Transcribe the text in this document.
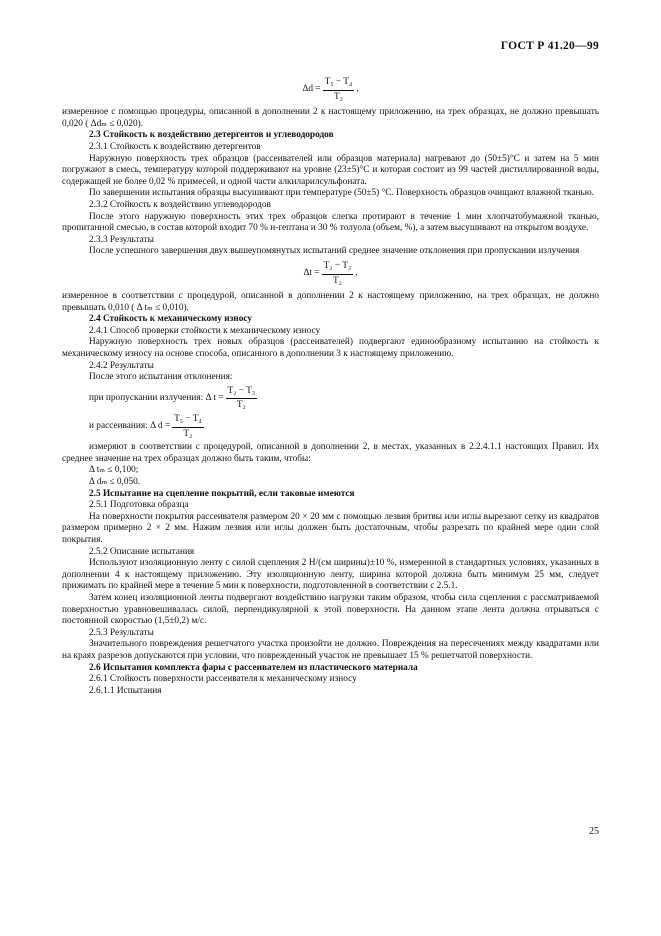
ГОСТ Р 41.20—99
$\Delta d = \frac{\text{T₅ − T₄}}{\text{T₂}}$ ,

измеренное с помощью процедуры, описанной в дополнении 2 к настоящему приложению, на трех образцах, не должно превышать 0,020 ( Δdₘ ≤ 0,020).

2.3 Стойкость к воздействию детергентов и углеводородов

2.3.1 Стойкость к воздействию детергентов

Наружную поверхность трех образцов (рассеивателей или образцов материала) нагревают до (50±5)°С и затем на 5 мин погружают в смесь, температуру которой поддерживают на уровне (23±5)°С и которая состоит из 99 частей дистиллированной воды, содержащей не более 0,02 % примесей, и одной части алкиларилсульфоната.

По завершении испытания образцы высушивают при температуре (50±5) °С. Поверхность образцов очищают влажной тканью.

2.3.2 Стойкость к воздействию углеводородов

После этого наружную поверхность этих трех образцов слегка протирают в течение 1 мин хлопчатобумажной тканью, пропитанной смесью, в состав которой входит 70 % н-гептана и 30 % толуола (объем, %), а затем высушивают на открытом воздухе.

2.3.3 Результаты

После успешного завершения двух вышеупомянутых испытаний среднее значение отклонения при пропускании излучения

$\Delta t = \frac{\text{T₂ − T₃}}{\text{T₂}}$ ,

измеренное в соответствии с процедурой, описанной в дополнении 2 к настоящему приложению, на трех образцах, не должно превышать 0,010 ( Δ tₘ ≤ 0,010).

2.4 Стойкость к механическому износу

2.4.1 Способ проверки стойкости к механическому износу

Наружную поверхность трех новых образцов (рассеивателей) подвергают единообразному испытанию на стойкость к механическому износу на основе способа, описанного в дополнении 3 к настоящему приложению.

2.4.2 Результаты

После этого испытания отклонения:

при пропускании излучения: Δ $t = \frac{\text{T₂ − T₃}}{\text{T₂}}$
и рассеивания: Δ $d = \frac{\text{T₅ − T₄}}{\text{T₂}}$

измеряют в соответствии с процедурой, описанной в дополнении 2, в местах, указанных в 2.2.4.1.1 настоящих Правил. Их среднее значение на трех образцах должно быть таким, чтобы:

Δ tₘ ≤ 0,100;

Δ dₘ ≤ 0,050.

2.5 Испытание на сцепление покрытий, если таковые имеются

2.5.1 Подготовка образца

На поверхности покрытия рассеивателя размером 20 × 20 мм с помощью лезвия бритвы или иглы вырезают сетку из квадратов размером примерно 2 × 2 мм. Нажим лезвия или иглы должен быть достаточным, чтобы разрезать по крайней мере один слой покрытия.

2.5.2 Описание испытания

Используют изоляционную ленту с силой сцепления 2 Н/(см ширины)±10 %, измеренной в стандартных условиях, указанных в дополнении 4 к настоящему приложению. Эту изоляционную ленту, ширина которой должна быть минимум 25 мм, следует прижимать по крайней мере в течение 5 мин к поверхности, подготовленной в соответствии с 2.5.1.

Затем конец изоляционной ленты подвергают воздействию нагрузки таким образом, чтобы сила сцепления с рассматриваемой поверхностью уравновешивалась силой, перпендикулярной к этой поверхности. На данном этапе лента должна отрываться с постоянной скоростью (1,5±0,2) м/с.

2.5.3 Результаты

Значительного повреждения решетчатого участка произойти не должно. Повреждения на пересечениях между квадратами или на краях разрезов допускаются при условии, что поврежденный участок не превышает 15 % решетчатой поверхности.

2.6 Испытания комплекта фары с рассеивателем из пластического материала

2.6.1 Стойкость поверхности рассеивателя к механическому износу

2.6.1.1 Испытания

25
